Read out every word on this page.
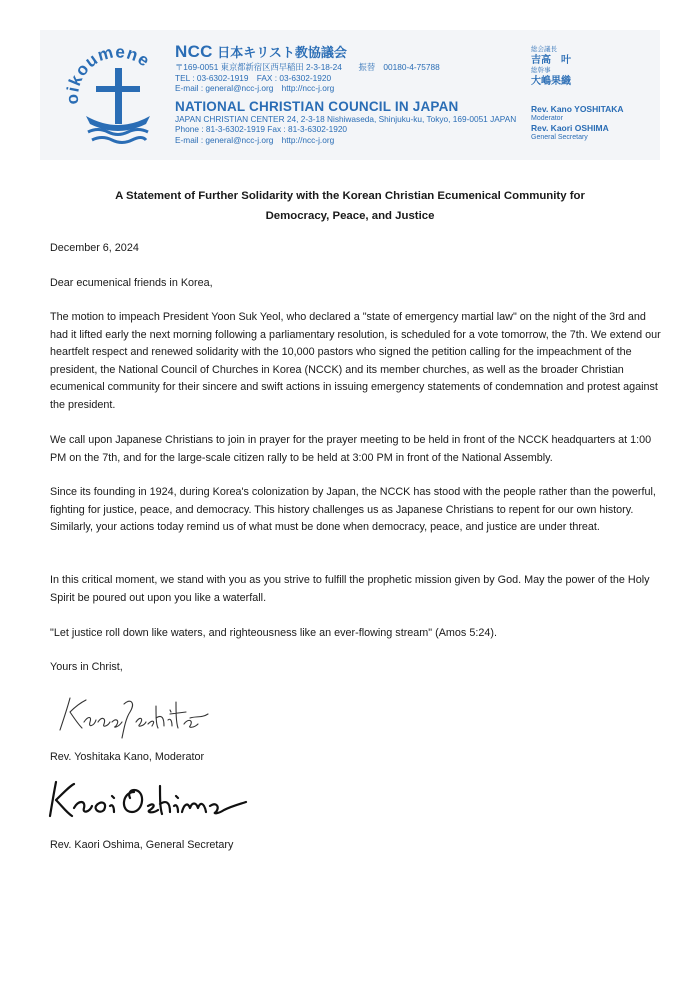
oikoumene NCC 日本キリスト教協議会
〒169-0051 東京都新宿区西早稲田 2-3-18-24　　 振替　00180-4-75788
TEL : 03-6302-1919　FAX : 03-6302-1920
E-mail : general@ncc-j.org　http://ncc-j.org
NATIONAL CHRISTIAN COUNCIL IN JAPAN
JAPAN CHRISTIAN CENTER 24, 2-3-18 Nishiwaseda, Shinjuku-ku, Tokyo, 169-0051 JAPAN
Phone : 81-3-6302-1919 Fax : 81-3-6302-1920
E-mail : general@ncc-j.org　http://ncc-j.org
総会議長
吉高　叶
総幹事
大嶋果織
Rev. Kano YOSHITAKA
Moderator
Rev. Kaori OSHIMA
General Secretary
A Statement of Further Solidarity with the Korean Christian Ecumenical Community for
Democracy, Peace, and Justice

December 6, 2024

Dear ecumenical friends in Korea,

The motion to impeach President Yoon Suk Yeol, who declared a "state of emergency martial law" on the night of the 3rd and had it lifted early the next morning following a parliamentary resolution, is scheduled for a vote tomorrow, the 7th. We extend our heartfelt respect and renewed solidarity with the 10,000 pastors who signed the petition calling for the impeachment of the president, the National Council of Churches in Korea (NCCK) and its member churches, as well as the broader Christian ecumenical community for their sincere and swift actions in issuing emergency statements of condemnation and protest against the president.

We call upon Japanese Christians to join in prayer for the prayer meeting to be held in front of the NCCK headquarters at 1:00 PM on the 7th, and for the large-scale citizen rally to be held at 3:00 PM in front of the National Assembly.

Since its founding in 1924, during Korea's colonization by Japan, the NCCK has stood with the people rather than the powerful, fighting for justice, peace, and democracy. This history challenges us as Japanese Christians to repent for our own history. Similarly, your actions today remind us of what must be done when democracy, peace, and justice are under threat.

In this critical moment, we stand with you as you strive to fulfill the prophetic mission given by God. May the power of the Holy Spirit be poured out upon you like a waterfall.

"Let justice roll down like waters, and righteousness like an ever-flowing stream" (Amos 5:24).

Yours in Christ,

Rev. Yoshitaka Kano, Moderator

Rev. Kaori Oshima, General Secretary
